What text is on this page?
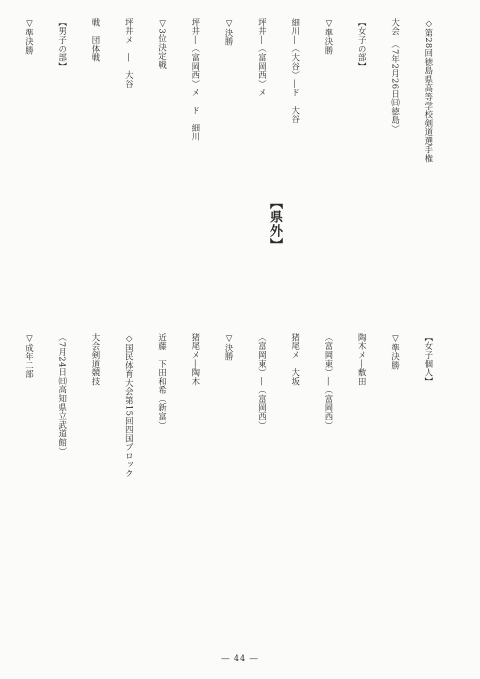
◇第28回徳島県高等学校剣道選手権

大会　（7年2月26日㈰徳島）

【女子の部】

▽準決勝

細川―（大谷）―ド　大谷

坪井―（富岡西）メ

▽決勝

坪井―（富岡西）メ　ド　細川

▽3位決定戦

坪井メ　―　大谷

戦　団体戦

【男子の部】

▽準決勝

【女子個人】

▽準決勝

陶木メ―敷田

（富岡東）―（富岡西）

猪尾メ　大坂

（富岡東）―（富岡西）

▽決勝

猪尾メ―陶木

近藤　下田和希（新富）

◇国民体育大会第15回四国ブロック

大会剣道競技

（7月24日㈰高知県立武道館）

▽成年二部

【県外】
― 44 ―
